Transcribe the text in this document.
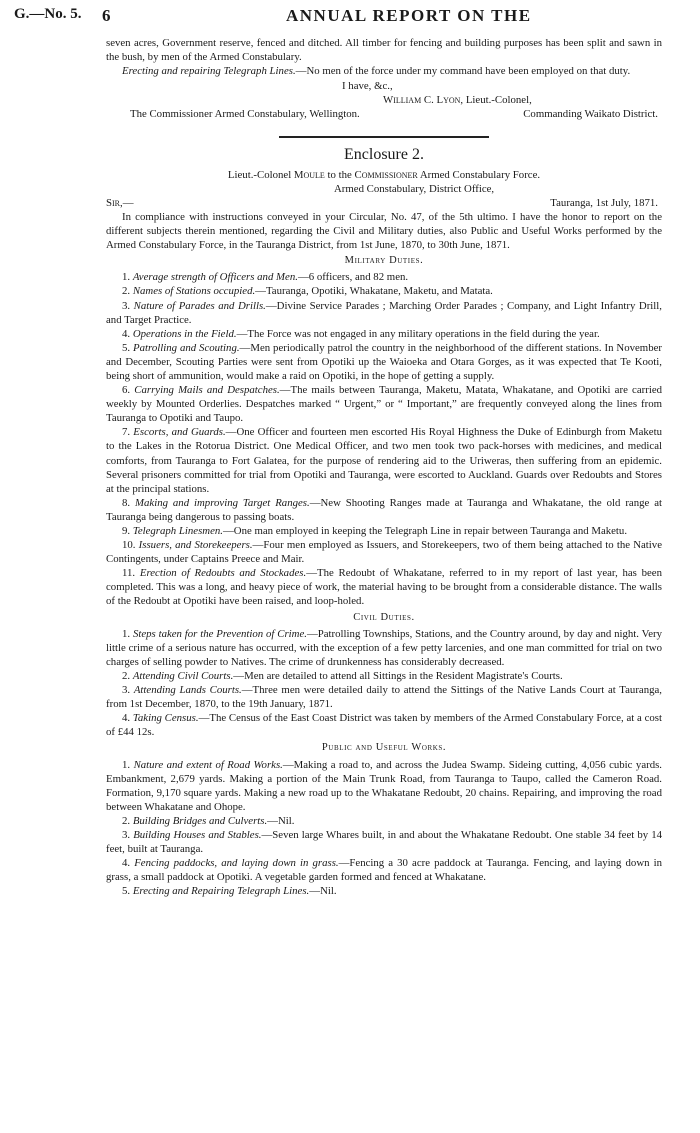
G.—No. 5. 6	ANNUAL REPORT ON THE

seven acres, Government reserve, fenced and ditched. All timber for fencing and building purposes has been split and sawn in the bush, by men of the Armed Constabulary.

Erecting and repairing Telegraph Lines.—No men of the force under my command have been employed on that duty.

I have, &c.,

William C. Lyon, Lieut.-Colonel,

The Commissioner Armed Constabulary, Wellington.	Commanding Waikato District.
Enclosure 2.

Lieut.-Colonel Moule to the Commissioner Armed Constabulary Force.

Armed Constabulary, District Office,

Sir,—	Tauranga, 1st July, 1871.

In compliance with instructions conveyed in your Circular, No. 47, of the 5th ultimo. I have the honor to report on the different subjects therein mentioned, regarding the Civil and Military duties, also Public and Useful Works performed by the Armed Constabulary Force, in the Tauranga District, from 1st June, 1870, to 30th June, 1871.

Military Duties.

1. Average strength of Officers and Men.—6 officers, and 82 men.

2. Names of Stations occupied.—Tauranga, Opotiki, Whakatane, Maketu, and Matata.

3. Nature of Parades and Drills.—Divine Service Parades ; Marching Order Parades ; Company, and Light Infantry Drill, and Target Practice.

4. Operations in the Field.—The Force was not engaged in any military operations in the field during the year.

5. Patrolling and Scouting.—Men periodically patrol the country in the neighborhood of the different stations. In November and December, Scouting Parties were sent from Opotiki up the Waioeka and Otara Gorges, as it was expected that Te Kooti, being short of ammunition, would make a raid on Opotiki, in the hope of getting a supply.

6. Carrying Mails and Despatches.—The mails between Tauranga, Maketu, Matata, Whakatane, and Opotiki are carried weekly by Mounted Orderlies. Despatches marked “ Urgent,” or “ Important,” are frequently conveyed along the lines from Tauranga to Opotiki and Taupo.

7. Escorts, and Guards.—One Officer and fourteen men escorted His Royal Highness the Duke of Edinburgh from Maketu to the Lakes in the Rotorua District. One Medical Officer, and two men took two pack-horses with medicines, and medical comforts, from Tauranga to Fort Galatea, for the purpose of rendering aid to the Uriweras, then suffering from an epidemic. Several prisoners committed for trial from Opotiki and Tauranga, were escorted to Auckland. Guards over Redoubts and Stores at the principal stations.

8. Making and improving Target Ranges.—New Shooting Ranges made at Tauranga and Whakatane, the old range at Tauranga being dangerous to passing boats.

9. Telegraph Linesmen.—One man employed in keeping the Telegraph Line in repair between Tauranga and Maketu.

10. Issuers, and Storekeepers.—Four men employed as Issuers, and Storekeepers, two of them being attached to the Native Contingents, under Captains Preece and Mair.

11. Erection of Redoubts and Stockades.—The Redoubt of Whakatane, referred to in my report of last year, has been completed. This was a long, and heavy piece of work, the material having to be brought from a considerable distance. The walls of the Redoubt at Opotiki have been raised, and loop-holed.

Civil Duties.

1. Steps taken for the Prevention of Crime.—Patrolling Townships, Stations, and the Country around, by day and night. Very little crime of a serious nature has occurred, with the exception of a few petty larcenies, and one man committed for trial on two charges of selling powder to Natives. The crime of drunkenness has considerably decreased.

2. Attending Civil Courts.—Men are detailed to attend all Sittings in the Resident Magistrate's Courts.

3. Attending Lands Courts.—Three men were detailed daily to attend the Sittings of the Native Lands Court at Tauranga, from 1st December, 1870, to the 19th January, 1871.

4. Taking Census.—The Census of the East Coast District was taken by members of the Armed Constabulary Force, at a cost of £44 12s.

Public and Useful Works.

1. Nature and extent of Road Works.—Making a road to, and across the Judea Swamp. Sideing cutting, 4,056 cubic yards. Embankment, 2,679 yards. Making a portion of the Main Trunk Road, from Tauranga to Taupo, called the Cameron Road. Formation, 9,170 square yards. Making a new road up to the Whakatane Redoubt, 20 chains. Repairing, and improving the road between Whakatane and Ohope.

2. Building Bridges and Culverts.—Nil.

3. Building Houses and Stables.—Seven large Whares built, in and about the Whakatane Redoubt. One stable 34 feet by 14 feet, built at Tauranga.

4. Fencing paddocks, and laying down in grass.—Fencing a 30 acre paddock at Tauranga. Fencing, and laying down in grass, a small paddock at Opotiki. A vegetable garden formed and fenced at Whakatane.

5. Erecting and Repairing Telegraph Lines.—Nil.
